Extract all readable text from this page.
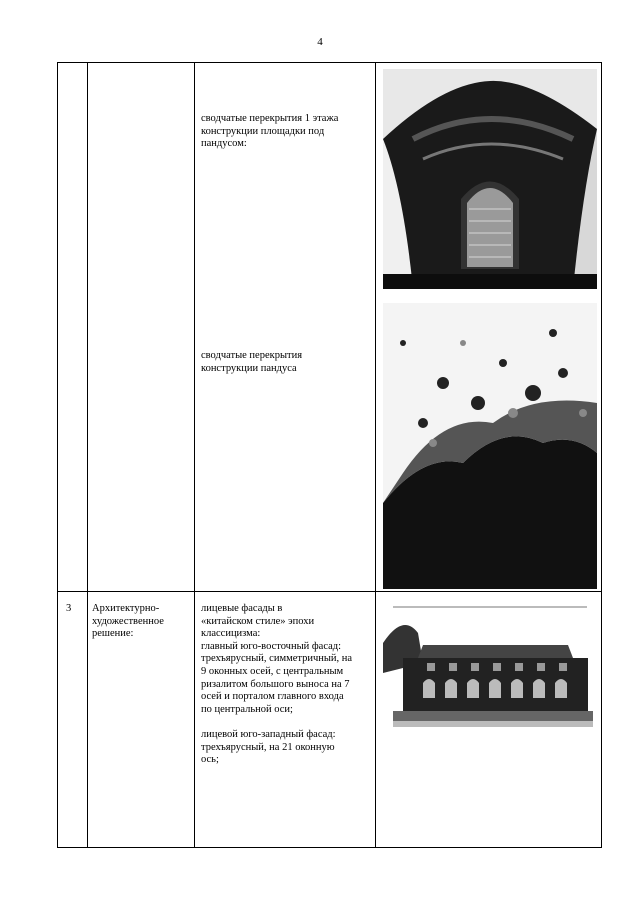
4
сводчатые перекрытия 1 этажа
конструкции площадки под
пандусом:
сводчатые перекрытия
конструкции пандуса
3	Архитектурно-
художественное
решение:
лицевые фасады в
«китайском стиле» эпохи
классицизма:
главный юго-восточный фасад:
трехъярусный, симметричный, на
9 оконных осей, с центральным
ризалитом большого выноса на 7
осей и порталом главного входа
по центральной оси;

лицевой юго-западный фасад:
трехъярусный, на 21 оконную
ось;
